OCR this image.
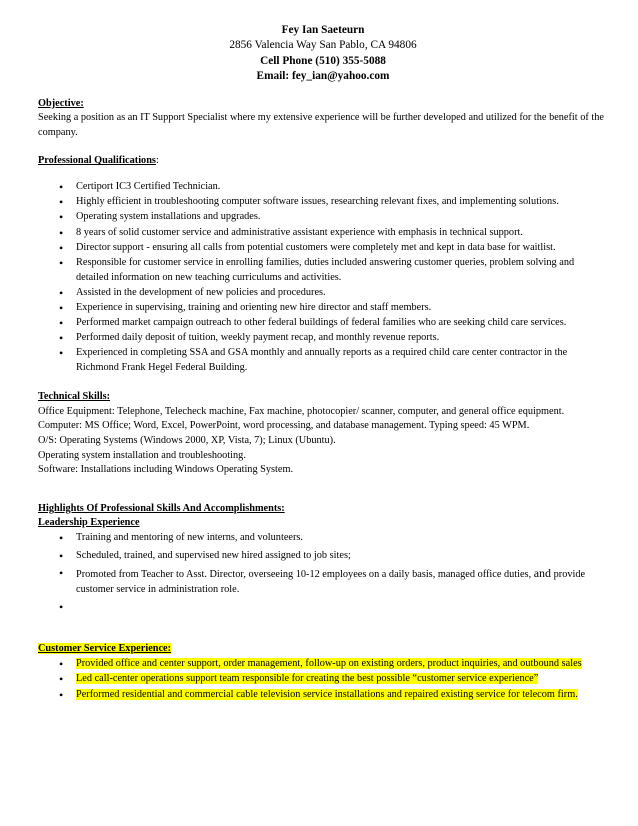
Fey Ian Saeteurn
2856 Valencia Way San Pablo, CA 94806
Cell Phone (510) 355-5088
Email: fey_ian@yahoo.com
Objective:
Seeking a position as an IT Support Specialist where my extensive experience will be further developed and utilized for the benefit of the company.
Professional Qualifications:
• Certiport IC3 Certified Technician.
• Highly efficient in troubleshooting computer software issues, researching relevant fixes, and implementing solutions.
• Operating system installations and upgrades.
• 8 years of solid customer service and administrative assistant experience with emphasis in technical support.
• Director support - ensuring all calls from potential customers were completely met and kept in data base for waitlist.
• Responsible for customer service in enrolling families, duties included answering customer queries, problem solving and detailed information on new teaching curriculums and activities.
• Assisted in the development of new policies and procedures.
• Experience in supervising, training and orienting new hire director and staff members.
• Performed market campaign outreach to other federal buildings of federal families who are seeking child care services.
• Performed daily deposit of tuition, weekly payment recap, and monthly revenue reports.
• Experienced in completing SSA and GSA monthly and annually reports as a required child care center contractor in the Richmond Frank Hegel Federal Building.
Technical Skills:

Office Equipment: Telephone, Telecheck machine, Fax machine, photocopier/ scanner, computer, and general office equipment.

Computer: MS Office; Word, Excel, PowerPoint, word processing, and database management. Typing speed: 45 WPM.

O/S: Operating Systems (Windows 2000, XP, Vista, 7); Linux (Ubuntu).

Operating system installation and troubleshooting.

Software: Installations including Windows Operating System.

Highlights Of Professional Skills And Accomplishments:
Leadership Experience
• Training and mentoring of new interns, and volunteers.
• Scheduled, trained, and supervised new hired assigned to job sites;
• Promoted from Teacher to Asst. Director, overseeing 10-12 employees on a daily basis, managed office duties, and provide customer service in administration role.
•

Customer Service Experience:
• Provided office and center support, order management, follow-up on existing orders, product inquiries, and outbound sales
• Led call-center operations support team responsible for creating the best possible “customer service experience”
• Performed residential and commercial cable television service installations and repaired existing service for telecom firm.
